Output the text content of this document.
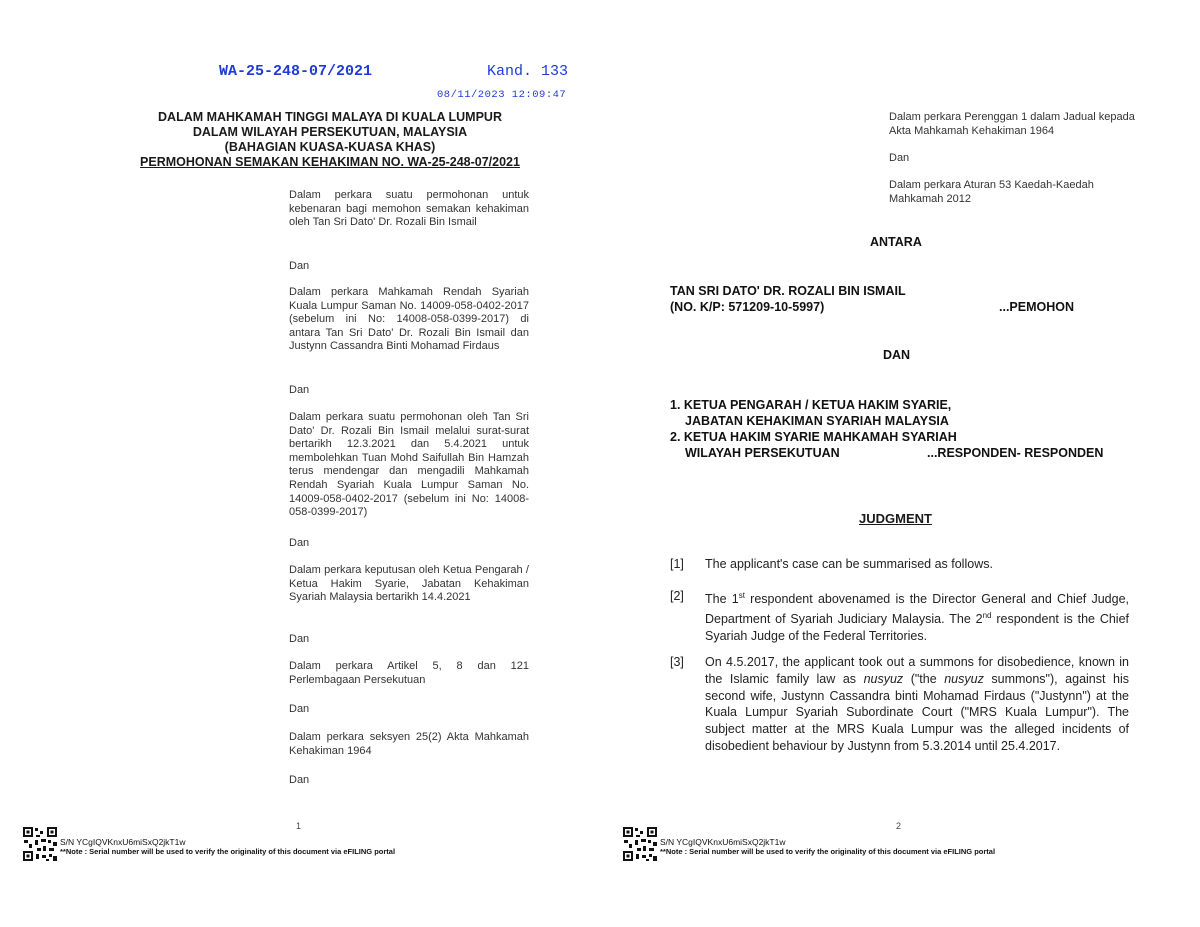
WA-25-248-07/2021	Kand. 133
08/11/2023 12:09:47
DALAM MAHKAMAH TINGGI MALAYA DI KUALA LUMPUR
DALAM WILAYAH PERSEKUTUAN, MALAYSIA
(BAHAGIAN KUASA-KUASA KHAS)
PERMOHONAN SEMAKAN KEHAKIMAN NO. WA-25-248-07/2021
Dalam perkara suatu permohonan untuk kebenaran bagi memohon semakan kehakiman oleh Tan Sri Dato' Dr. Rozali Bin Ismail
Dan
Dalam perkara Mahkamah Rendah Syariah Kuala Lumpur Saman No. 14009-058-0402-2017 (sebelum ini No: 14008-058-0399-2017) di antara Tan Sri Dato' Dr. Rozali Bin Ismail dan Justynn Cassandra Binti Mohamad Firdaus
Dan
Dalam perkara suatu permohonan oleh Tan Sri Dato' Dr. Rozali Bin Ismail melalui surat-surat bertarikh 12.3.2021 dan 5.4.2021 untuk membolehkan Tuan Mohd Saifullah Bin Hamzah terus mendengar dan mengadili Mahkamah Rendah Syariah Kuala Lumpur Saman No. 14009-058-0402-2017 (sebelum ini No: 14008-058-0399-2017)
Dan
Dalam perkara keputusan oleh Ketua Pengarah / Ketua Hakim Syarie, Jabatan Kehakiman Syariah Malaysia bertarikh 14.4.2021
Dan
Dalam perkara Artikel 5, 8 dan 121 Perlembagaan Persekutuan
Dan
Dalam perkara seksyen 25(2) Akta Mahkamah Kehakiman 1964
Dan
1
S/N YCgIQVKnxU6miSxQ2jkT1w
**Note : Serial number will be used to verify the originality of this document via eFILING portal
Dalam perkara Perenggan 1 dalam Jadual kepada Akta Mahkamah Kehakiman 1964
Dan
Dalam perkara Aturan 53 Kaedah-Kaedah Mahkamah 2012
ANTARA
TAN SRI DATO' DR. ROZALI BIN ISMAIL
(NO. K/P: 571209-10-5997)	...PEMOHON
DAN
1. KETUA PENGARAH / KETUA HAKIM SYARIE,
JABATAN KEHAKIMAN SYARIAH MALAYSIA
2. KETUA HAKIM SYARIE MAHKAMAH SYARIAH
WILAYAH PERSEKUTUAN	...RESPONDEN- RESPONDEN
JUDGMENT
[1]	The applicant's case can be summarised as follows.
[2]	The 1st respondent abovenamed is the Director General and Chief Judge, Department of Syariah Judiciary Malaysia. The 2nd respondent is the Chief Syariah Judge of the Federal Territories.
[3]	On 4.5.2017, the applicant took out a summons for disobedience, known in the Islamic family law as nusyuz ("the nusyuz summons"), against his second wife, Justynn Cassandra binti Mohamad Firdaus ("Justynn") at the Kuala Lumpur Syariah Subordinate Court ("MRS Kuala Lumpur"). The subject matter at the MRS Kuala Lumpur was the alleged incidents of disobedient behaviour by Justynn from 5.3.2014 until 25.4.2017.
2
S/N YCgIQVKnxU6miSxQ2jkT1w
**Note : Serial number will be used to verify the originality of this document via eFILING portal
